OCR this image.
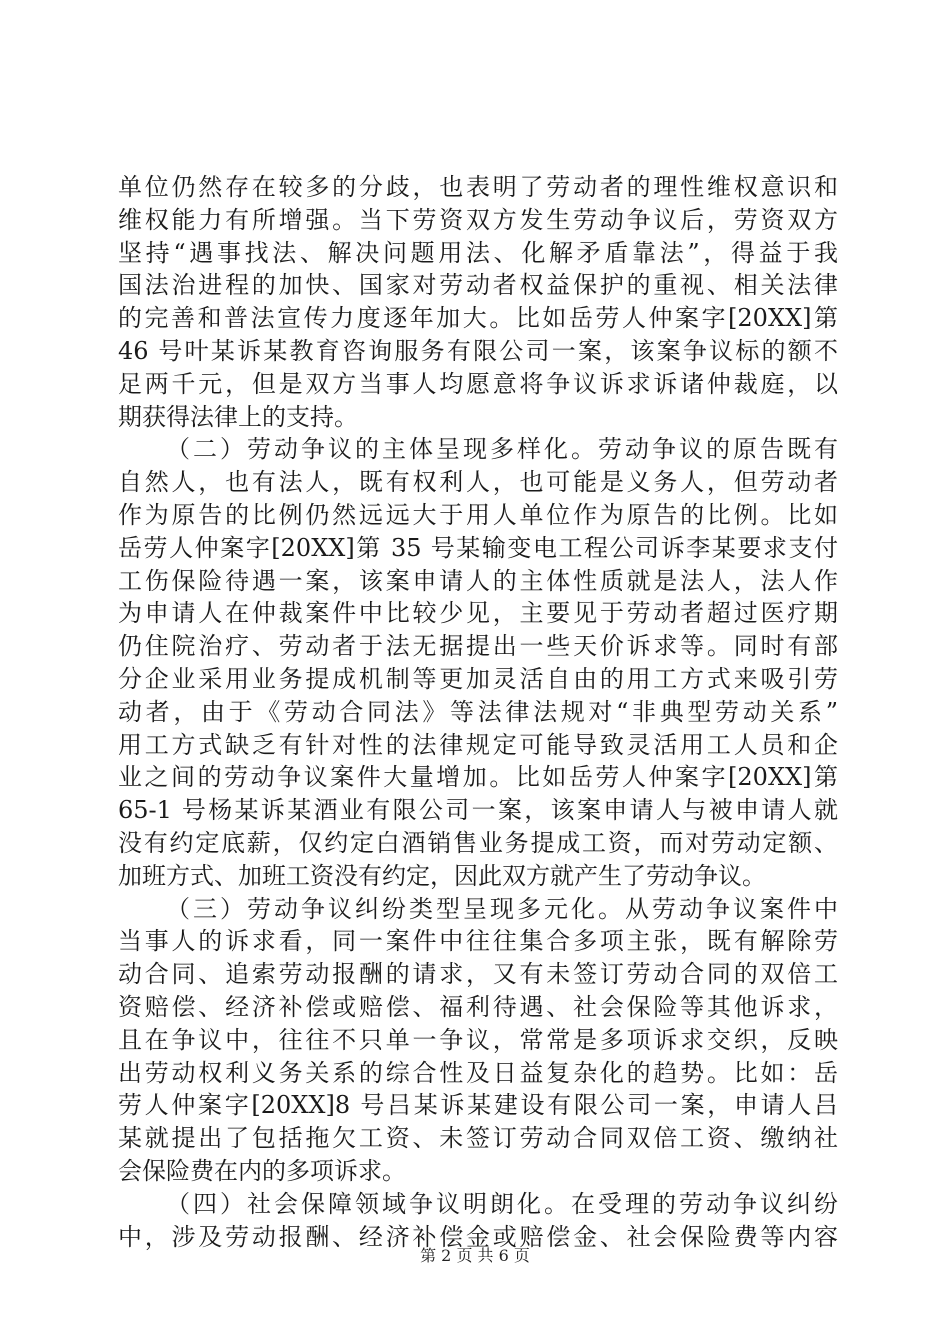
单位仍然存在较多的分歧，也表明了劳动者的理性维权意识和
维权能力有所增强。当下劳资双方发生劳动争议后，劳资双方
坚持“遇事找法、解决问题用法、化解矛盾靠法”，得益于我
国法治进程的加快、国家对劳动者权益保护的重视、相关法律
的完善和普法宣传力度逐年加大。比如岳劳人仲案字[20XX]第
46 号叶某诉某教育咨询服务有限公司一案，该案争议标的额不
足两千元，但是双方当事人均愿意将争议诉求诉诸仲裁庭，以
期获得法律上的支持。
（二）劳动争议的主体呈现多样化。劳动争议的原告既有
自然人，也有法人，既有权利人，也可能是义务人，但劳动者
作为原告的比例仍然远远大于用人单位作为原告的比例。比如
岳劳人仲案字[20XX]第 35 号某输变电工程公司诉李某要求支付
工伤保险待遇一案，该案申请人的主体性质就是法人，法人作
为申请人在仲裁案件中比较少见，主要见于劳动者超过医疗期
仍住院治疗、劳动者于法无据提出一些天价诉求等。同时有部
分企业采用业务提成机制等更加灵活自由的用工方式来吸引劳
动者，由于《劳动合同法》等法律法规对“非典型劳动关系”
用工方式缺乏有针对性的法律规定可能导致灵活用工人员和企
业之间的劳动争议案件大量增加。比如岳劳人仲案字[20XX]第
65-1 号杨某诉某酒业有限公司一案，该案申请人与被申请人就
没有约定底薪，仅约定白酒销售业务提成工资，而对劳动定额、
加班方式、加班工资没有约定，因此双方就产生了劳动争议。
（三）劳动争议纠纷类型呈现多元化。从劳动争议案件中
当事人的诉求看，同一案件中往往集合多项主张，既有解除劳
动合同、追索劳动报酬的请求，又有未签订劳动合同的双倍工
资赔偿、经济补偿或赔偿、福利待遇、社会保险等其他诉求，
且在争议中，往往不只单一争议，常常是多项诉求交织，反映
出劳动权利义务关系的综合性及日益复杂化的趋势。比如：岳
劳人仲案字[20XX]8 号吕某诉某建设有限公司一案，申请人吕
某就提出了包括拖欠工资、未签订劳动合同双倍工资、缴纳社
会保险费在内的多项诉求。
（四）社会保障领域争议明朗化。在受理的劳动争议纠纷
中，涉及劳动报酬、经济补偿金或赔偿金、社会保险费等内容
第 2 页 共 6 页
